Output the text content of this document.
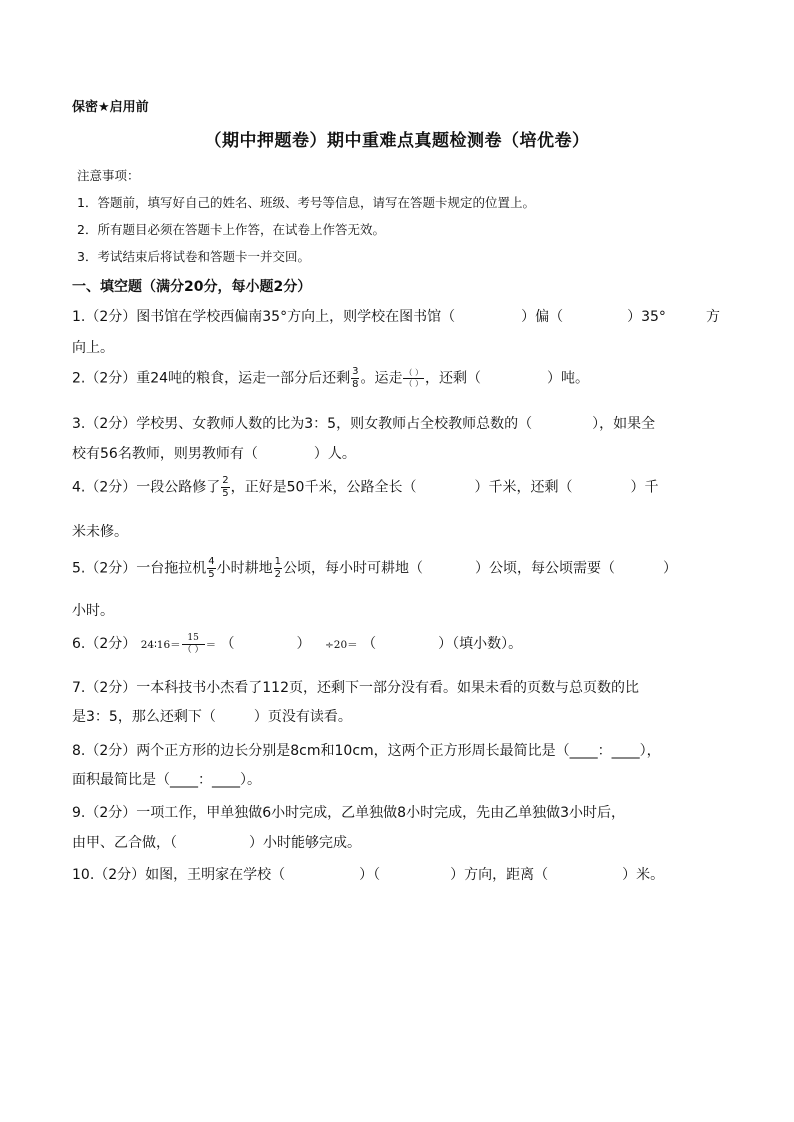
保密★启用前
（期中押题卷）期中重难点真题检测卷（培优卷）
注意事项：
1．答题前，填写好自己的姓名、班级、考号等信息，请写在答题卡规定的位置上。
2．所有题目必须在答题卡上作答，在试卷上作答无效。
3．考试结束后将试卷和答题卡一并交回。
一、填空题（满分20分，每小题2分）
1.（2分）图书馆在学校西偏南35°方向上，则学校在图书馆（	）偏（	）35°	方
向上。
2.（2分）重24吨的粮食，运走一部分后还剩 $\frac{3}{8}$ 。运走 $\frac{( )}{( )}$ ，还剩（	）吨。
3.（2分）学校男、女教师人数的比为3：5，则女教师占全校教师总数的（	），如果全
校有56名教师，则男教师有（	）人。
4.（2分）一段公路修了 $\frac{2}{5}$ ，正好是50千米，公路全长（	）千米，还剩（	）千
米未修。
5.（2分）一台拖拉机 $\frac{4}{5}$ 小时耕地 $\frac{1}{2}$ 公顷，每小时可耕地（	）公顷，每公顷需要（	）
小时。
6.（2分） 24∶16＝ $\frac{15}{( )}$ ＝ （	） ÷20＝ （	）（填小数）。
7.（2分）一本科技书小杰看了112页，还剩下一部分没有看。如果未看的页数与总页数的比
是3：5，那么还剩下（	）页没有读看。
8.（2分）两个正方形的边长分别是8cm和10cm，这两个正方形周长最简比是（____：____），
面积最简比是（____：____）。
9.（2分）一项工作，甲单独做6小时完成，乙单独做8小时完成，先由乙单独做3小时后，
由甲、乙合做，（	）小时能够完成。
10.（2分）如图，王明家在学校（	）（	）方向，距离（	）米。
